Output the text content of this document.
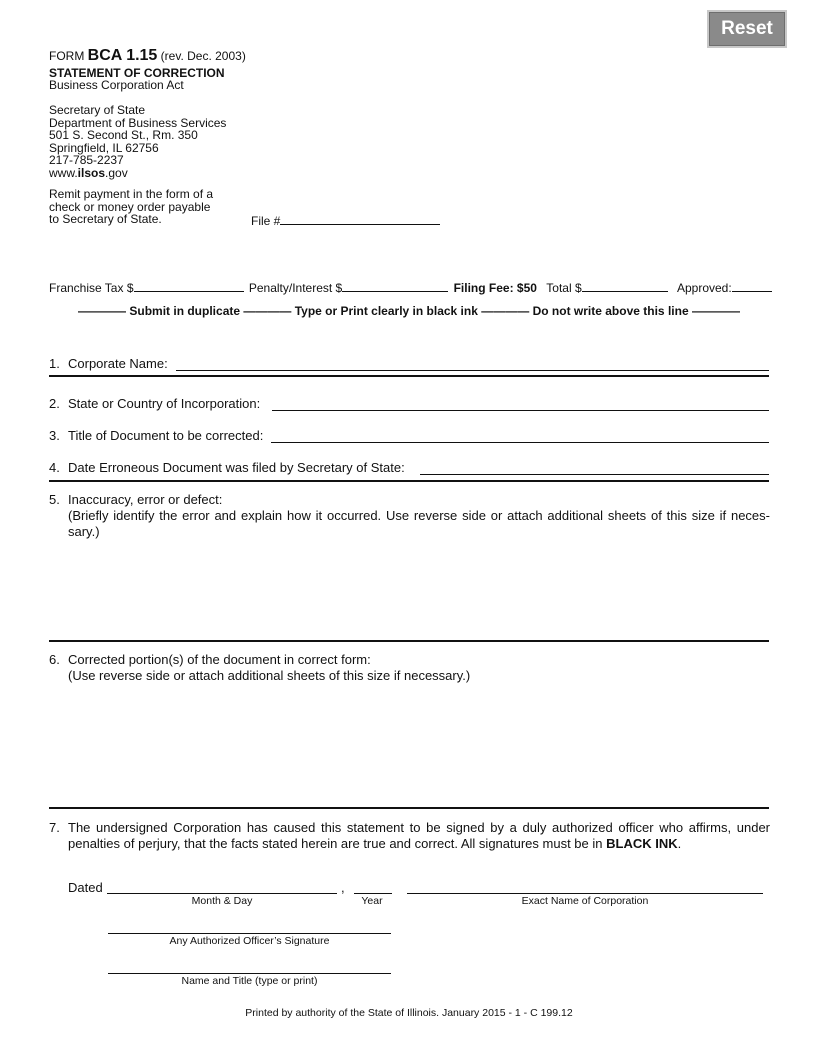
Reset
FORM BCA 1.15 (rev. Dec. 2003)
STATEMENT OF CORRECTION
Business Corporation Act
Secretary of State
Department of Business Services
501 S. Second St., Rm. 350
Springfield, IL 62756
217-785-2237
www.ilsos.gov
Remit payment in the form of a
check or money order payable
to Secretary of State.	File #
Franchise Tax $	Penalty/Interest $	Filing Fee: $50 Total $	Approved:
———— Submit in duplicate ———— Type or Print clearly in black ink ———— Do not write above this line ————
1. Corporate Name:
2. State or Country of Incorporation:
3. Title of Document to be corrected:
4. Date Erroneous Document was filed by Secretary of State:
5. Inaccuracy, error or defect:
(Briefly identify the error and explain how it occurred. Use reverse side or attach additional sheets of this size if neces- sary.)
6. Corrected portion(s) of the document in correct form:
(Use reverse side or attach additional sheets of this size if necessary.)
7. The undersigned Corporation has caused this statement to be signed by a duly authorized officer who affirms, under penalties of perjury, that the facts stated herein are true and correct. All signatures must be in BLACK INK.
Dated	,
Month & Day	Year	Exact Name of Corporation
Any Authorized Officer’s Signature
Name and Title (type or print)
Printed by authority of the State of Illinois. January 2015 - 1 - C 199.12
